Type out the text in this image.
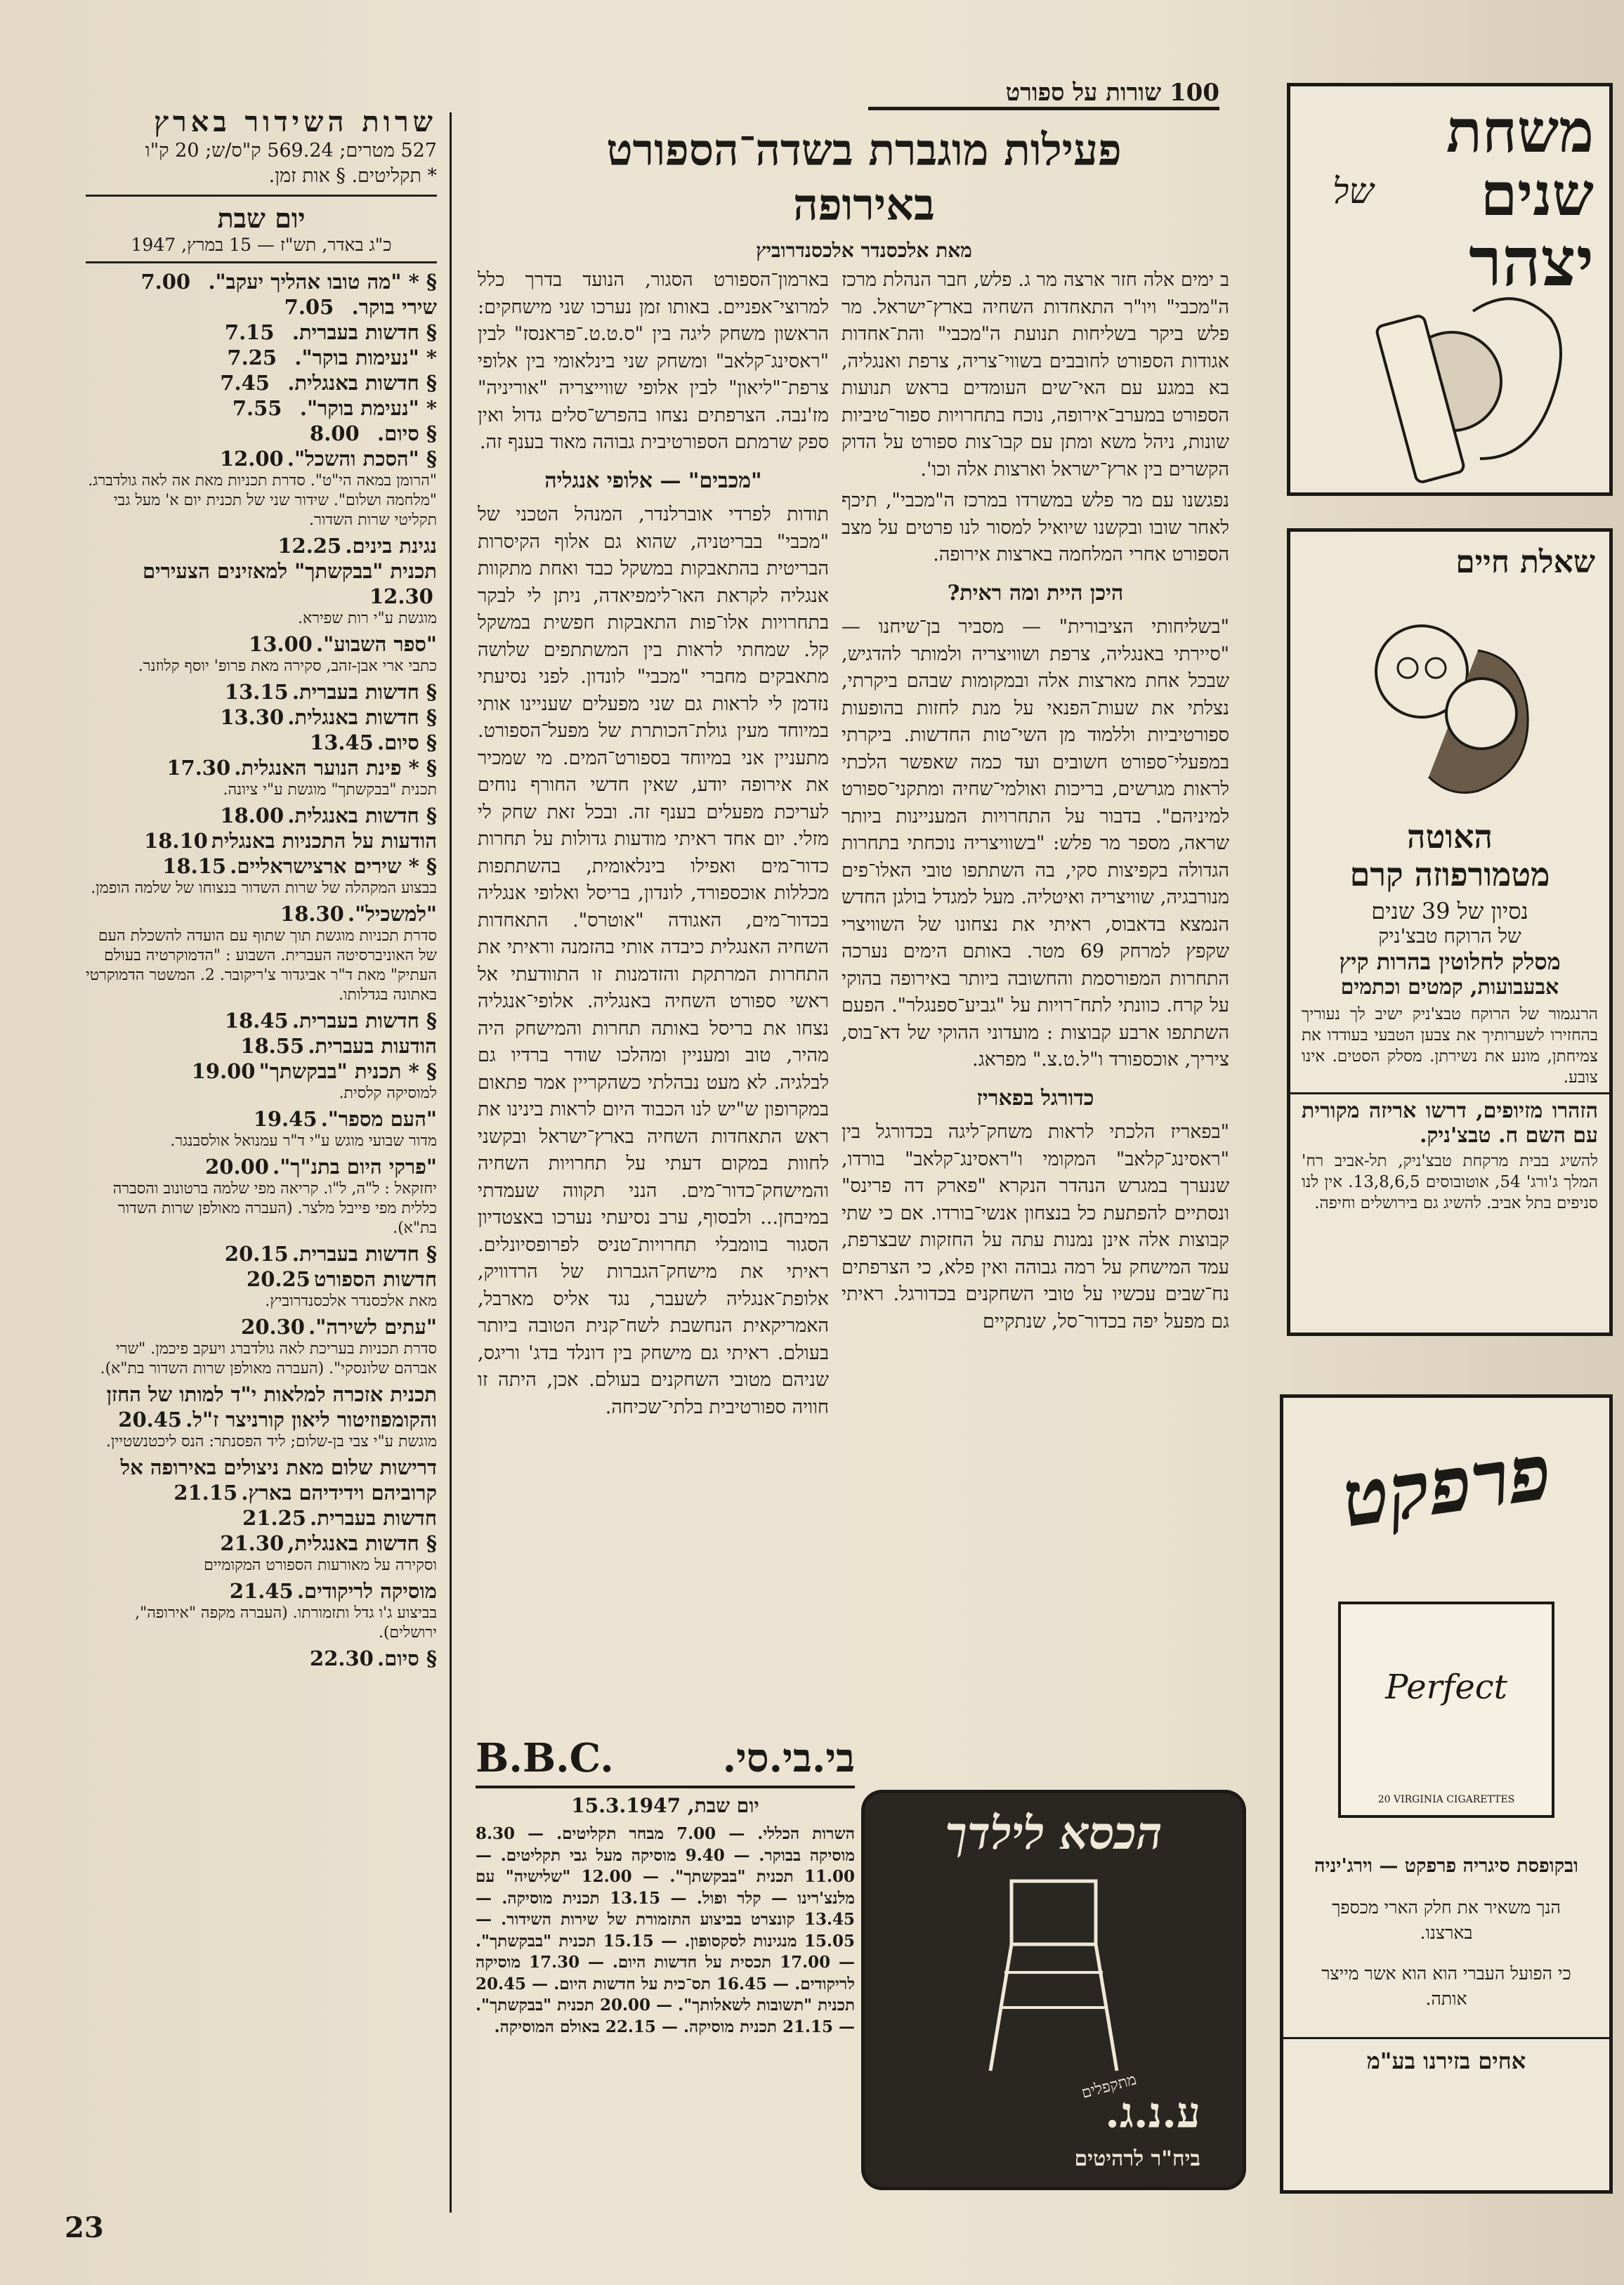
שרות השידור בארץ
527 מטרים; 569.24 ק"ס/ש; 20 ק"ו
* תקליטים. § אות זמן.
יום שבת
כ"ג באדר, תש"ז — 15 במרץ, 1947

§ * "מה טובו אהליך יעקב".7.00

שירי בוקר.7.05

§ חדשות בעברית.7.15

* "נעימות בוקר".7.25

§ חדשות באנגלית.7.45

* "נעימת בוקר".7.55

§ סיום.8.00

§ "הסכת והשכל".12.00

"הרומן במאה הי"ט". סדרת תכניות מאת אה לאה גולדברג. "מלחמה ושלום". שידור שני של תכנית יום א' מעל גבי תקליטי שרות השדור.

נגינת בינים.12.25

תכנית "בבקשתך" למאזינים הצעירים12.30

מוגשת ע"י רות שפירא.

"ספר השבוע".13.00

כתבי ארי אבן-זהב, סקירה מאת פרופ' יוסף קלוזנר.

§ חדשות בעברית.13.15

§ חדשות באנגלית.13.30

§ סיום.13.45

§ * פינת הנוער האנגלית.17.30

תכנית "בבקשתך" מוגשת ע"י ציונה.

§ חדשות באנגלית.18.00

הודעות על התכניות באנגלית18.10

§ * שירים ארצישראליים.18.15

בבצוע המקהלה של שרות השדור בנצוחו של שלמה הופמן.

"למשכיל".18.30

סדרת תכניות מוגשת תוך שתוף עם הועדה להשכלת העם של האוניברסיטה העברית. השבוע : "הדמוקרטיה בעולם העתיק" מאת ד"ר אביגדור צ'ריקובר. 2. המשטר הדמוקרטי באתונה בגדלותו.

§ חדשות בעברית.18.45

הודעות בעברית.18.55

§ * תכנית "בבקשתך"19.00

למוסיקה קלסית.

"העם מספר".19.45

מדור שבועי מוגש ע"י ד"ר עמנואל אולסבנגר.

"פרקי היום בתנ"ך".20.00

יחזקאל : ל"ה, ל"ו. קריאה מפי שלמה ברטונוב והסברה כללית מפי פייבל מלצר. (העברה מאולפן שרות השדור בת"א).

§ חדשות בעברית.20.15

חדשות הספורט20.25

מאת אלכסנדר אלכסנדרוביץ.

"עתים לשירה".20.30

סדרת תכניות בעריכת לאה גולדברג ויעקב פיכמן. "שרי אברהם שלונסקי". (העברה מאולפן שרות השדור בת"א).

תכנית אזכרה למלאות י"ד למותו של החזן והקומפוזיטור ליאון קורניצר ז"ל.20.45

מוגשת ע"י צבי בן-שלום; ליד הפסנתר: הנס ליכטנשטיין.

דרישות שלום מאת ניצולים באירופה אל קרוביהם וידידיהם בארץ.21.15

חדשות בעברית.21.25

§ חדשות באנגלית,21.30

וסקירה על מאורעות הספורט המקומיים

מוסיקה לריקודים.21.45

בביצוע ג'ו גדל ותזמורתו. (העברה מקפה "אירופה", ירושלים).

§ סיום.22.30

100 שורות על ספורט
פעילות מוגברת בשדה־הספורט באירופה
מאת אלכסנדר אלכסנדרוביץ

ב ימים אלה חזר ארצה מר ג. פלש, חבר הנהלת מרכז ה"מכבי" ויו"ר התאחדות השחיה בארץ־ישראל. מר פלש ביקר בשליחות תנועת ה"מכבי" והת־אחדות אגודות הספורט לחובבים בשווי־צריה, צרפת ואנגליה, בא במגע עם האי־שים העומדים בראש תנועות הספורט במערב־אירופה, נוכח בתחרויות ספור־טיביות שונות, ניהל משא ומתן עם קבו־צות ספורט על הדוק הקשרים בין ארץ־ישראל וארצות אלה וכו'.

נפגשנו עם מר פלש במשרדו במרכז ה"מכבי", תיכף לאחר שובו ובקשנו שיואיל למסור לנו פרטים על מצב הספורט אחרי המלחמה בארצות אירופה.

היכן היית ומה ראית?

"בשליחותי הציבורית" — מסביר בן־שיחנו — "סיירתי באנגליה, צרפת ושוויצריה ולמותר להדגיש, שבכל אחת מארצות אלה ובמקומות שבהם ביקרתי, נצלתי את שעות־הפנאי על מנת לחזות בהופעות ספורטיביות וללמוד מן השי־טות החדשות. ביקרתי במפעלי־ספורט חשובים ועד כמה שאפשר הלכתי לראות מגרשים, בריכות ואולמי־שחיה ומתקני־ספורט למיניהם". בדבור על התחרויות המעניינות ביותר שראה, מספר מר פלש: "בשוויצריה נוכחתי בתחרות הגדולה בקפיצות סקי, בה השתתפו טובי האלו־פים מנורבגיה, שוויצריה ואיטליה. מעל למגדל בולגן החדש הנמצא בדאבוס, ראיתי את נצחונו של השוויצרי שקפץ למרחק 69 מטר. באותם הימים נערכה התחרות המפורסמת והחשובה ביותר באירופה בהוקי על קרח. כוונתי לתח־רויות על "גביע־ספנגלר". הפעם השתתפו ארבע קבוצות : מועדוני ההוקי של דא־בוס, ציריך, אוכספורד ו"ל.ט.צ." מפראג.

כדורגל בפאריז

"בפאריז הלכתי לראות משחק־ליגה בכדורגל בין "ראסינג־קלאב" המקומי ו"ראסינג־קלאב" בורדו, שנערך במגרש הנהדר הנקרא "פארק דה פרינס" ונסתיים להפתעת כל בנצחון אנשי־בורדו. אם כי שתי קבוצות אלה אינן נמנות עתה על החזקות שבצרפת, עמד המישחק על רמה גבוהה ואין פלא, כי הצרפתים נח־שבים עכשיו על טובי השחקנים בכדורגל. ראיתי גם מפעל יפה בכדור־סל, שנתקיים

בארמון־הספורט הסגור, הנועד בדרך כלל למרוצי־אפניים. באותו זמן נערכו שני מישחקים: הראשון משחק ליגה בין "ס.ט.ט.־פראנסז" לבין "ראסינג־קלאב" ומשחק שני בינלאומי בין אלופי צרפת־"ליאון" לבין אלופי שווייצריה "אוריניה" מז'נבה. הצרפתים נצחו בהפרש־סלים גדול ואין ספק שרמתם הספורטיבית גבוהה מאוד בענף זה.

"מכבים" — אלופי אנגליה

תודות לפרדי אוברלנדר, המנהל הטכני של "מכבי" בבריטניה, שהוא גם אלוף הקיסרות הבריטית בהתאבקות במשקל כבד ואחת מתקוות אנגליה לקראת האו־לימפיאדה, ניתן לי לבקר בתחרויות אלו־פות התאבקות חפשית במשקל קל. שמחתי לראות בין המשתתפים שלושה מתאבקים מחברי "מכבי" לונדון. לפני נסיעתי נזדמן לי לראות גם שני מפעלים שעניינו אותי במיוחד מעין גולת־הכותרת של מפעל־הספורט. מתעניין אני במיוחד בספורט־המים. מי שמכיר את אירופה יודע, שאין חדשי החורף נוחים לעריכת מפעלים בענף זה. ובכל זאת שחק לי מזלי. יום אחד ראיתי מודעות גדולות על תחרות כדור־מים ואפילו בינלאומית, בהשתתפות מכללות אוכספורד, לונדון, בריסל ואלופי אנגליה בכדור־מים, האגודה "אוטרס". התאחדות השחיה האנגלית כיבדה אותי בהזמנה וראיתי את התחרות המרתקת והזדמנות זו התוודעתי אל ראשי ספורט השחיה באנגליה. אלופי־אנגליה נצחו את בריסל באותה תחרות והמישחק היה מהיר, טוב ומעניין ומהלכו שודר ברדיו גם לבלגיה. לא מעט נבהלתי כשהקריין אמר פתאום במקרופון ש"יש לנו הכבוד היום לראות בינינו את ראש התאחדות השחיה בארץ־ישראל ובקשני לחוות במקום דעתי על תחרויות השחיה והמישחק־כדור־מים. הנני תקווה שעמדתי במיבחן... ולבסוף, ערב נסיעתי נערכו באצטדיון הסגור בוומבלי תחרויות־טניס לפרופסיונלים. ראיתי את מישחק־הגברות של הרדוויק, אלופת־אנגליה לשעבר, נגד אליס מארבל, האמריקאית הנחשבת לשח־קנית הטובה ביותר בעולם. ראיתי גם מישחק בין דונלד בדג' וריגס, שניהם מטובי השחקנים בעולם. אכן, היתה זו חוויה ספורטיבית בלתי־שכיחה.

בי.בי.סי.
B.B.C.
יום שבת, 15.3.1947
השרות הכללי. — 7.00 מבחר תקליטים. — 8.30 מוסיקה בבוקר. — 9.40 מוסיקה מעל גבי תקליטים. — 11.00 תכנית "בבקשתך". — 12.00 "שלישיה" עם מלנצ'רינו — קלר ופול. — 13.15 תכנית מוסיקה. — 13.45 קונצרט בביצוע התזמורת של שירות השידור. — 15.05 מנגינות לסקסופון. — 15.15 תכנית "בבקשתך". — 17.00 תכסית על חדשות היום. — 17.30 מוסיקה לריקודים. — 16.45 תס־כית על חדשות היום. — 20.45 תכנית "תשובות לשאלותך". — 20.00 תכנית "בבקשתך". — 21.15 תכנית מוסיקה. — 22.15 באולם המוסיקה.
משחת
שנים
של
יצהר
שאלת חיים
האוטה
מטמורפוזה קרם
נסיון של 39 שנים
של הרוקח טבצ'ניק
מסלק לחלוטין בהרות קיץ
אבעבועות, קמטים וכתמים
הרנגמור של הרוקח טבצ'ניק ישיב לך נעוריך בהחזירו לשערותיך את צבען הטבעי בעודדו את צמיחתן, מונע את נשירתן. מסלק הסטים. אינו צובע.
הזהרו מזיופים, דרשו אריזה מקורית עם השם ח. טבצ'ניק.
להשיג בבית מרקחת טבצ'ניק, תל-אביב רח' המלך ג'ורג' 54, אוטובוסים 13,8,6,5. אין לנו סניפים בתל אביב. להשיג גם בירושלים וחיפה.
פרפקט
Perfect
20 VIRGINIA CIGARETTES
ובקופסת סיגריה פרפקט — וירג'יניה
הנך משאיר את חלק הארי מכספך בארצנו.
כי הפועל העברי הוא הוא אשר מייצר אותה.
אחים בזירנו בע"מ
הכסא לילדך
ע.נ.ג.
מתקפלים
ביח"ר לרהיטים
23
